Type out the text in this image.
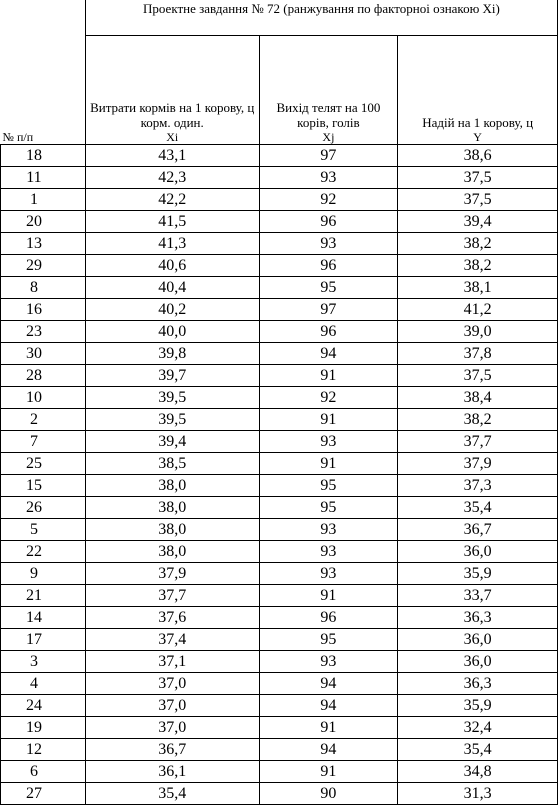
	Проектне завдання № 72 (ранжування по факторноі ознакою Хі)		
	Витрати кормів на 1 корову, ц корм. один.	Вихід телят на 100 корів, голів	Надій на 1 корову, ц
№ п/п	Хі	Хj	Y
18	43,1	97	38,6
11	42,3	93	37,5
1	42,2	92	37,5
20	41,5	96	39,4
13	41,3	93	38,2
29	40,6	96	38,2
8	40,4	95	38,1
16	40,2	97	41,2
23	40,0	96	39,0
30	39,8	94	37,8
28	39,7	91	37,5
10	39,5	92	38,4
2	39,5	91	38,2
7	39,4	93	37,7
25	38,5	91	37,9
15	38,0	95	37,3
26	38,0	95	35,4
5	38,0	93	36,7
22	38,0	93	36,0
9	37,9	93	35,9
21	37,7	91	33,7
14	37,6	96	36,3
17	37,4	95	36,0
3	37,1	93	36,0
4	37,0	94	36,3
24	37,0	94	35,9
19	37,0	91	32,4
12	36,7	94	35,4
6	36,1	91	34,8
27	35,4	90	31,3
